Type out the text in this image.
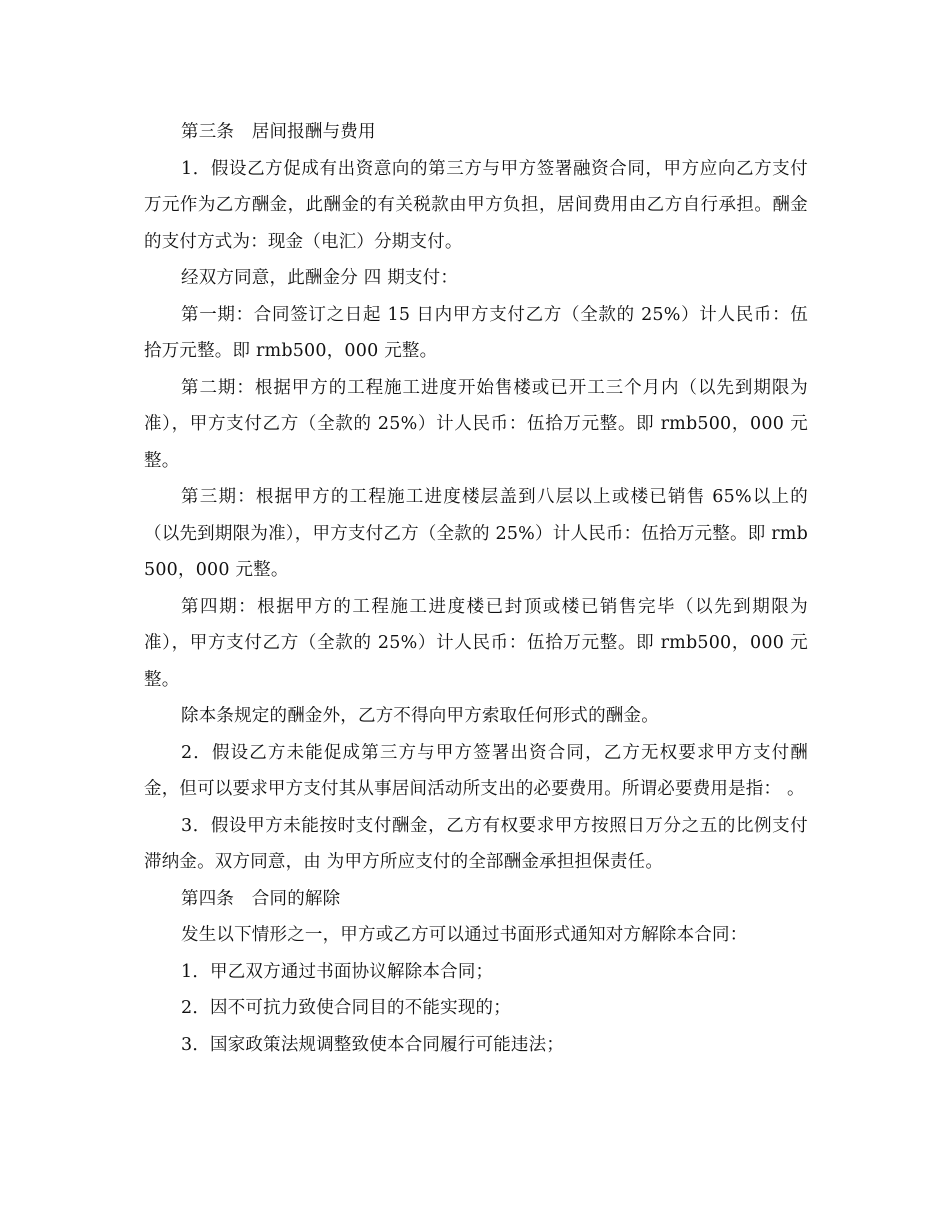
第三条　居间报酬与费用

1．假设乙方促成有出资意向的第三方与甲方签署融资合同，甲方应向乙方支付 万元作为乙方酬金，此酬金的有关税款由甲方负担，居间费用由乙方自行承担。酬金的支付方式为：现金（电汇）分期支付。

经双方同意，此酬金分 四 期支付：

第一期：合同签订之日起 15 日内甲方支付乙方（全款的 25%）计人民币：伍拾万元整。即 rmb500，000 元整。

第二期：根据甲方的工程施工进度开始售楼或已开工三个月内（以先到期限为准），甲方支付乙方（全款的 25%）计人民币：伍拾万元整。即 rmb500，000 元整。

第三期：根据甲方的工程施工进度楼层盖到八层以上或楼已销售 65%以上的（以先到期限为准），甲方支付乙方（全款的 25%）计人民币：伍拾万元整。即 rmb500，000 元整。

第四期：根据甲方的工程施工进度楼已封顶或楼已销售完毕（以先到期限为准），甲方支付乙方（全款的 25%）计人民币：伍拾万元整。即 rmb500，000 元整。

除本条规定的酬金外，乙方不得向甲方索取任何形式的酬金。

2．假设乙方未能促成第三方与甲方签署出资合同，乙方无权要求甲方支付酬金，但可以要求甲方支付其从事居间活动所支出的必要费用。所谓必要费用是指： 。

3．假设甲方未能按时支付酬金，乙方有权要求甲方按照日万分之五的比例支付滞纳金。双方同意，由 为甲方所应支付的全部酬金承担担保责任。

第四条　合同的解除

发生以下情形之一，甲方或乙方可以通过书面形式通知对方解除本合同：

1．甲乙双方通过书面协议解除本合同；

2．因不可抗力致使合同目的不能实现的；

3．国家政策法规调整致使本合同履行可能违法；
